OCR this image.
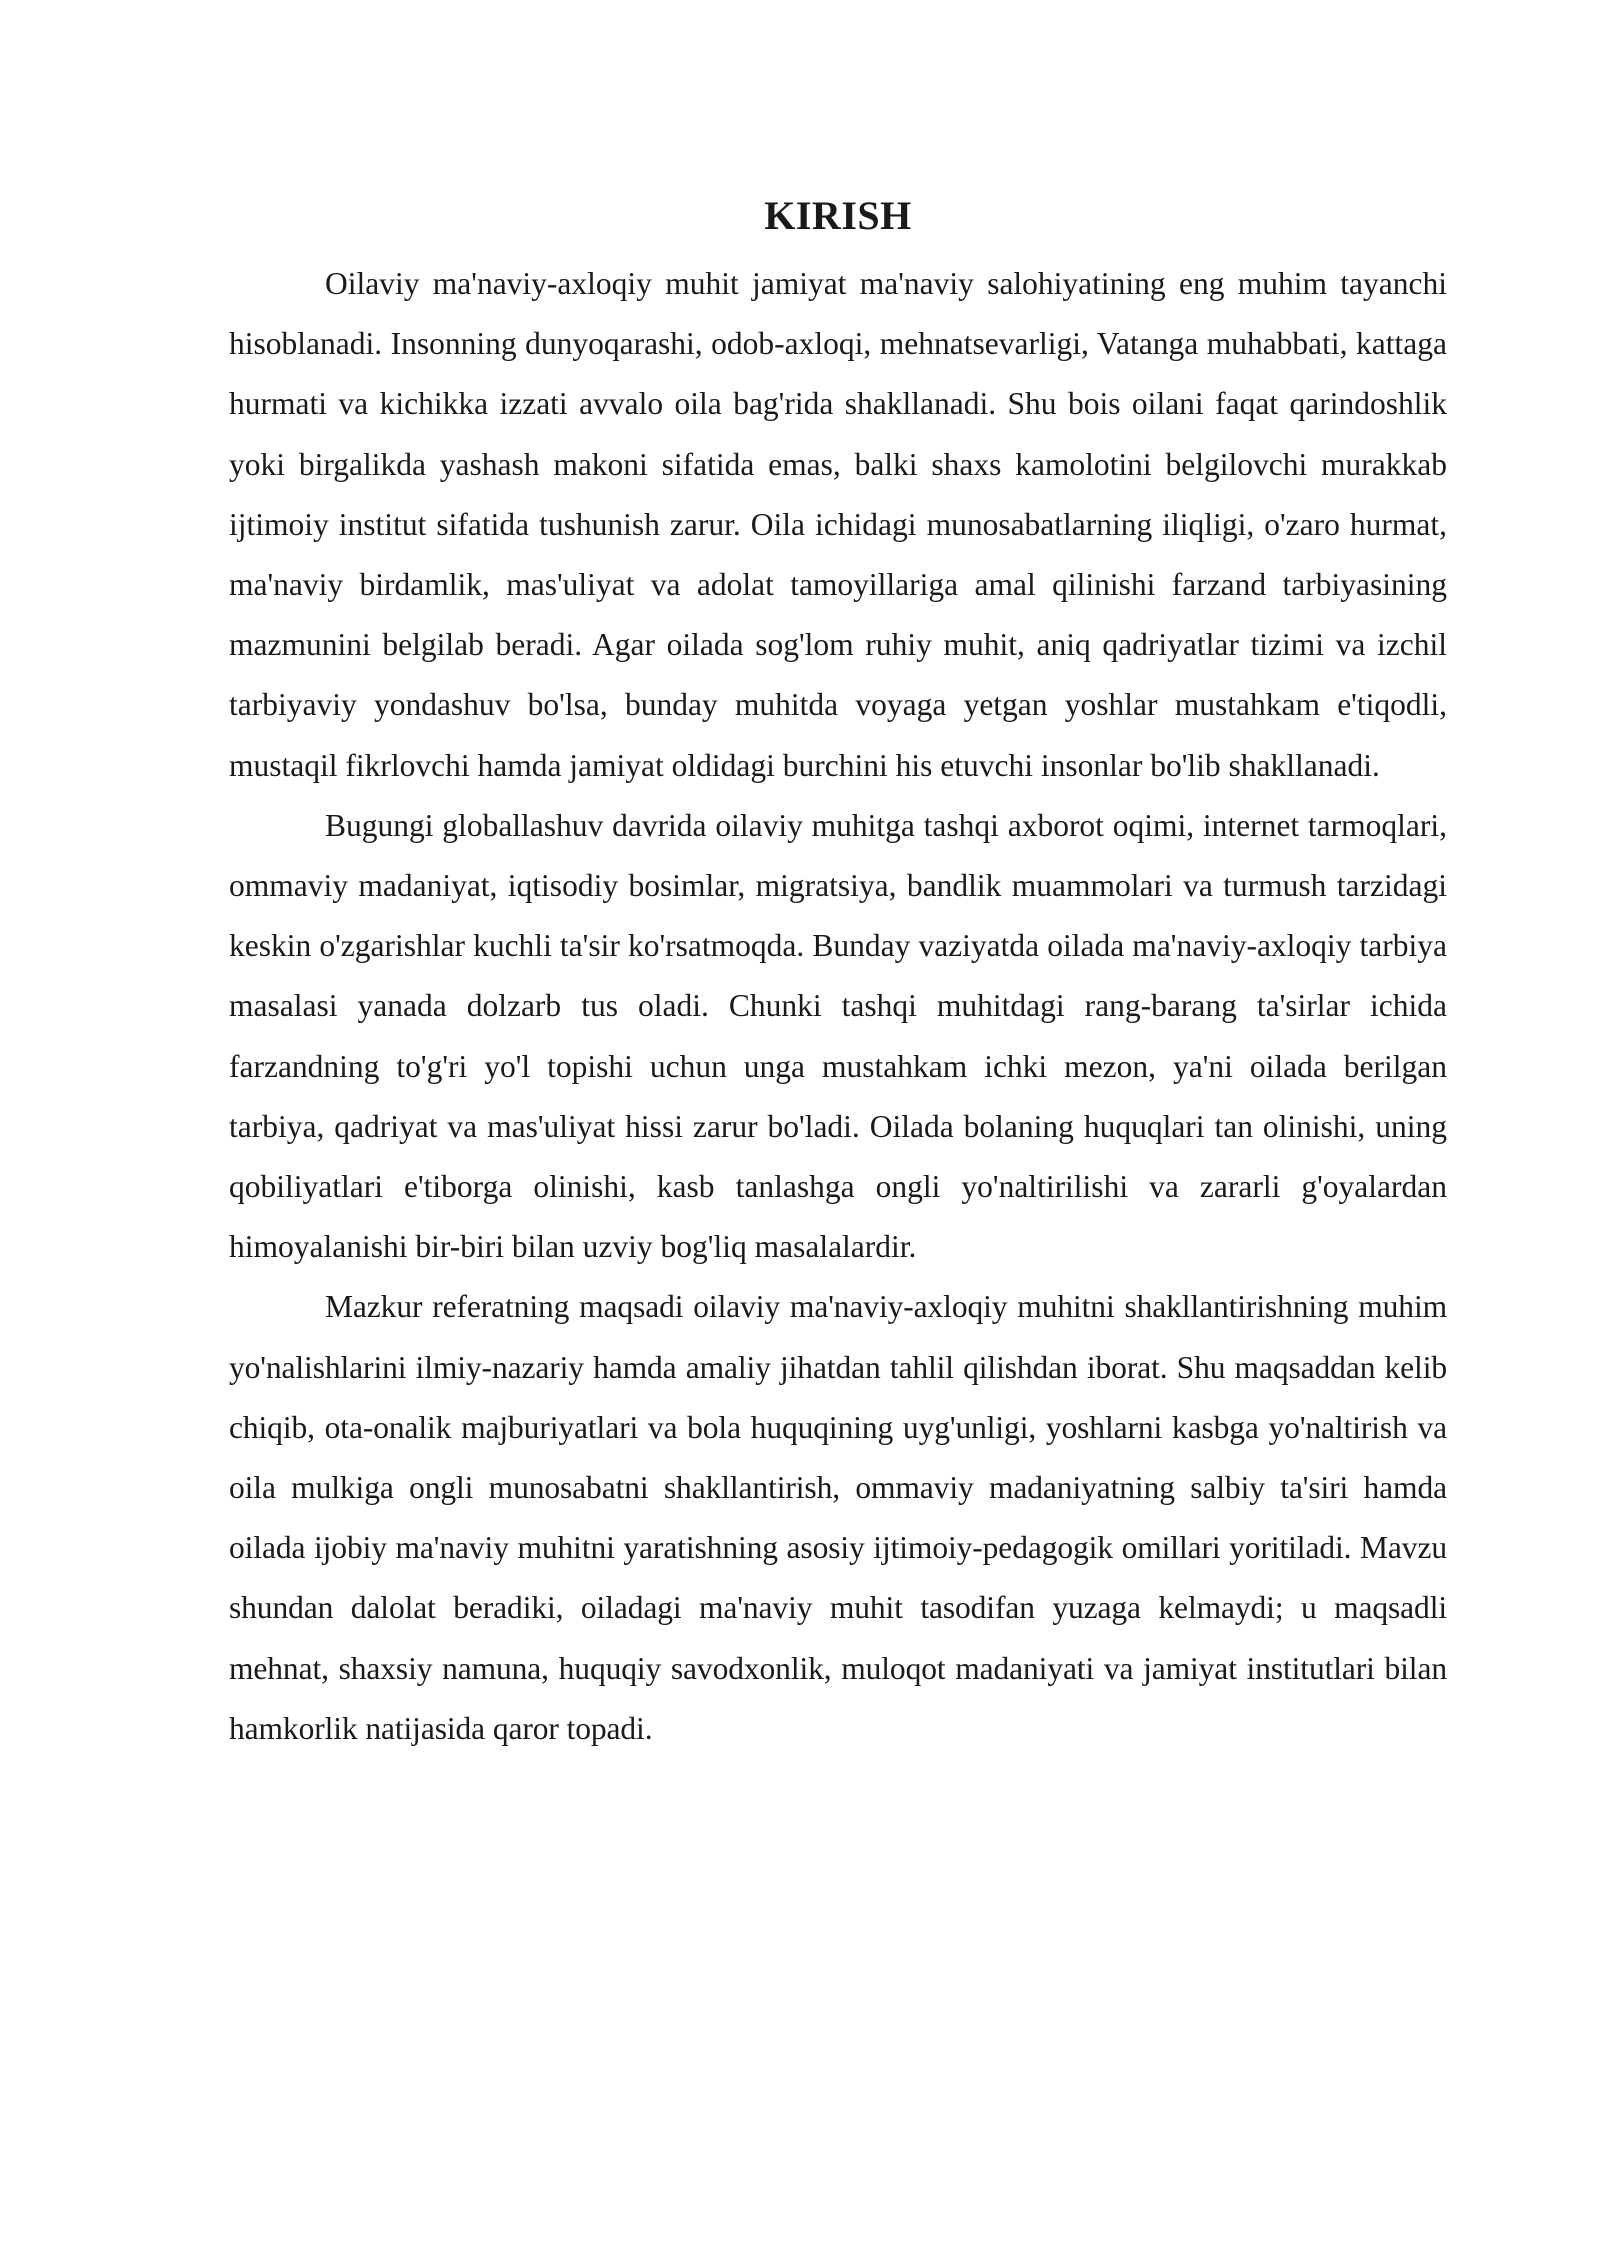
KIRISH

Oilaviy ma'naviy-axloqiy muhit jamiyat ma'naviy salohiyatining eng muhim tayanchi hisoblanadi. Insonning dunyoqarashi, odob-axloqi, mehnatsevarligi, Vatanga muhabbati, kattaga hurmati va kichikka izzati avvalo oila bag'rida shakllanadi. Shu bois oilani faqat qarindoshlik yoki birgalikda yashash makoni sifatida emas, balki shaxs kamolotini belgilovchi murakkab ijtimoiy institut sifatida tushunish zarur. Oila ichidagi munosabatlarning iliqligi, o'zaro hurmat, ma'naviy birdamlik, mas'uliyat va adolat tamoyillariga amal qilinishi farzand tarbiyasining mazmunini belgilab beradi. Agar oilada sog'lom ruhiy muhit, aniq qadriyatlar tizimi va izchil tarbiyaviy yondashuv bo'lsa, bunday muhitda voyaga yetgan yoshlar mustahkam e'tiqodli, mustaqil fikrlovchi hamda jamiyat oldidagi burchini his etuvchi insonlar bo'lib shakllanadi.

Bugungi globallashuv davrida oilaviy muhitga tashqi axborot oqimi, internet tarmoqlari, ommaviy madaniyat, iqtisodiy bosimlar, migratsiya, bandlik muammolari va turmush tarzidagi keskin o'zgarishlar kuchli ta'sir ko'rsatmoqda. Bunday vaziyatda oilada ma'naviy-axloqiy tarbiya masalasi yanada dolzarb tus oladi. Chunki tashqi muhitdagi rang-barang ta'sirlar ichida farzandning to'g'ri yo'l topishi uchun unga mustahkam ichki mezon, ya'ni oilada berilgan tarbiya, qadriyat va mas'uliyat hissi zarur bo'ladi. Oilada bolaning huquqlari tan olinishi, uning qobiliyatlari e'tiborga olinishi, kasb tanlashga ongli yo'naltirilishi va zararli g'oyalardan himoyalanishi bir-biri bilan uzviy bog'liq masalalardir.

Mazkur referatning maqsadi oilaviy ma'naviy-axloqiy muhitni shakllantirishning muhim yo'nalishlarini ilmiy-nazariy hamda amaliy jihatdan tahlil qilishdan iborat. Shu maqsaddan kelib chiqib, ota-onalik majburiyatlari va bola huquqining uyg'unligi, yoshlarni kasbga yo'naltirish va oila mulkiga ongli munosabatni shakllantirish, ommaviy madaniyatning salbiy ta'siri hamda oilada ijobiy ma'naviy muhitni yaratishning asosiy ijtimoiy-pedagogik omillari yoritiladi. Mavzu shundan dalolat beradiki, oiladagi ma'naviy muhit tasodifan yuzaga kelmaydi; u maqsadli mehnat, shaxsiy namuna, huquqiy savodxonlik, muloqot madaniyati va jamiyat institutlari bilan hamkorlik natijasida qaror topadi.
